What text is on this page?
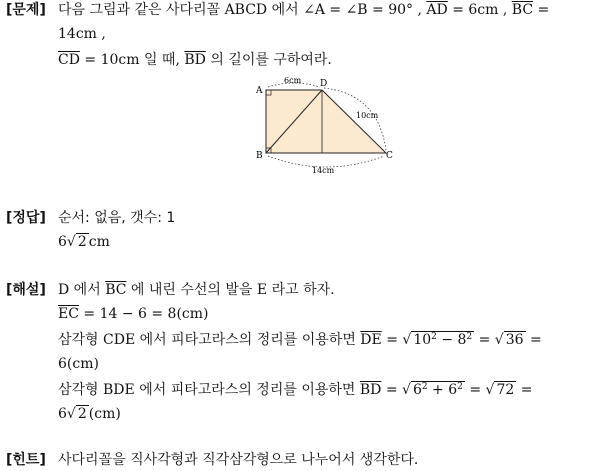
[문제] 다음 그림과 같은 사다리꼴 ABCD 에서 ∠A = ∠B = 90° , $\overline{AD} = 6cm$ , $\overline{BC}$ =
14cm ,
$\overline{CD} = 10cm$ 일 때, $\overline{BD}$ 의 길이를 구하여라.
A
D
B	C
6cm
10cm
14cm
[정답] 순서: 없음, 갯수: 1
6√ 2 cm
[해설] D 에서 $\overline{BC}$ 에 내린 수선의 발을 E 라고 하자.
$\overline{EC} = 14 - 6 = 8(cm)$
삼각형 CDE 에서 피타고라스의 정리를 이용하면 $\overline{DE}$ = √ $10^2 - 8^2$ = √ 36 =
6(cm)
삼각형 BDE 에서 피타고라스의 정리를 이용하면 $\overline{BD}$ = √ $6^2 + 6^2$ = √ 72 =
6√ 2 (cm)
[힌트] 사다리꼴을 직사각형과 직각삼각형으로 나누어서 생각한다.
